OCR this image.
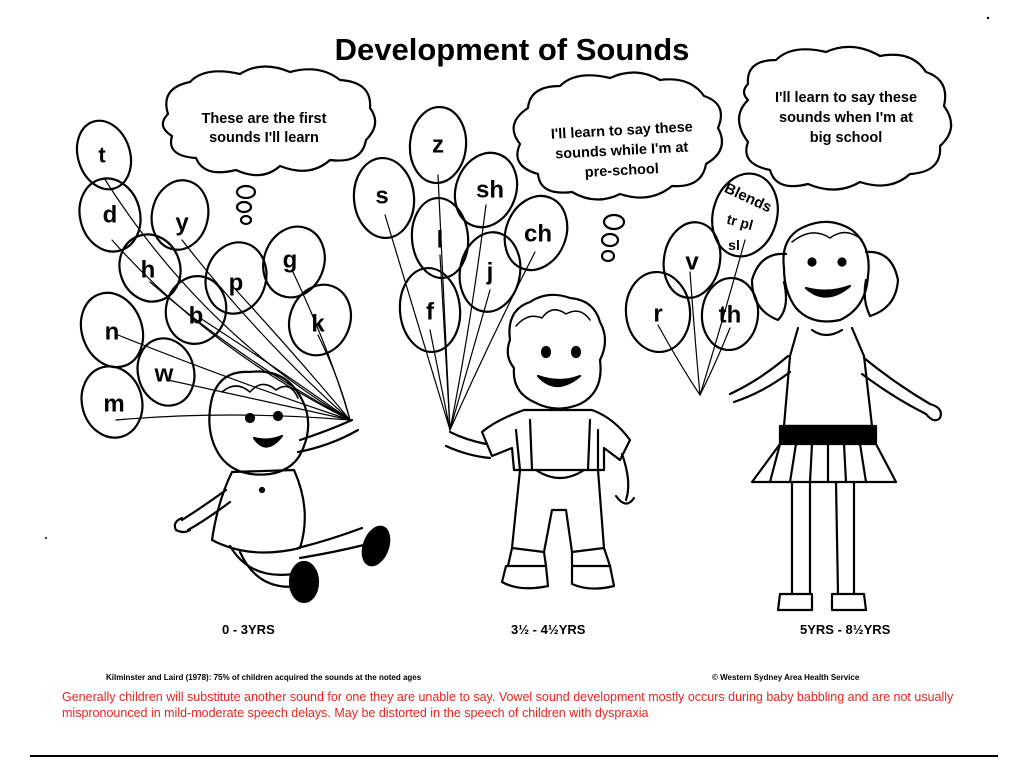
t
d y
h
n
b
p
g
w
m
k
z
s	sh
l	ch
j
f
v
r th
Blends
tr pl
sl
These are the first
sounds I'll learn	I'll learn to say these
sounds while I'm at
pre-school
I'll learn to say these
sounds when I'm at
big school
Development of Sounds
0 - 3YRS	3½ - 4½YRS	5YRS - 8½YRS
Kilminster and Laird (1978): 75% of children acquired the sounds at the noted ages	© Western Sydney Area Health Service
Generally children will substitute another sound for one they are unable to say. Vowel sound development mostly occurs during baby babbling and are not usually mispronounced in mild-moderate speech delays. May be distorted in the speech of children with dyspraxia
